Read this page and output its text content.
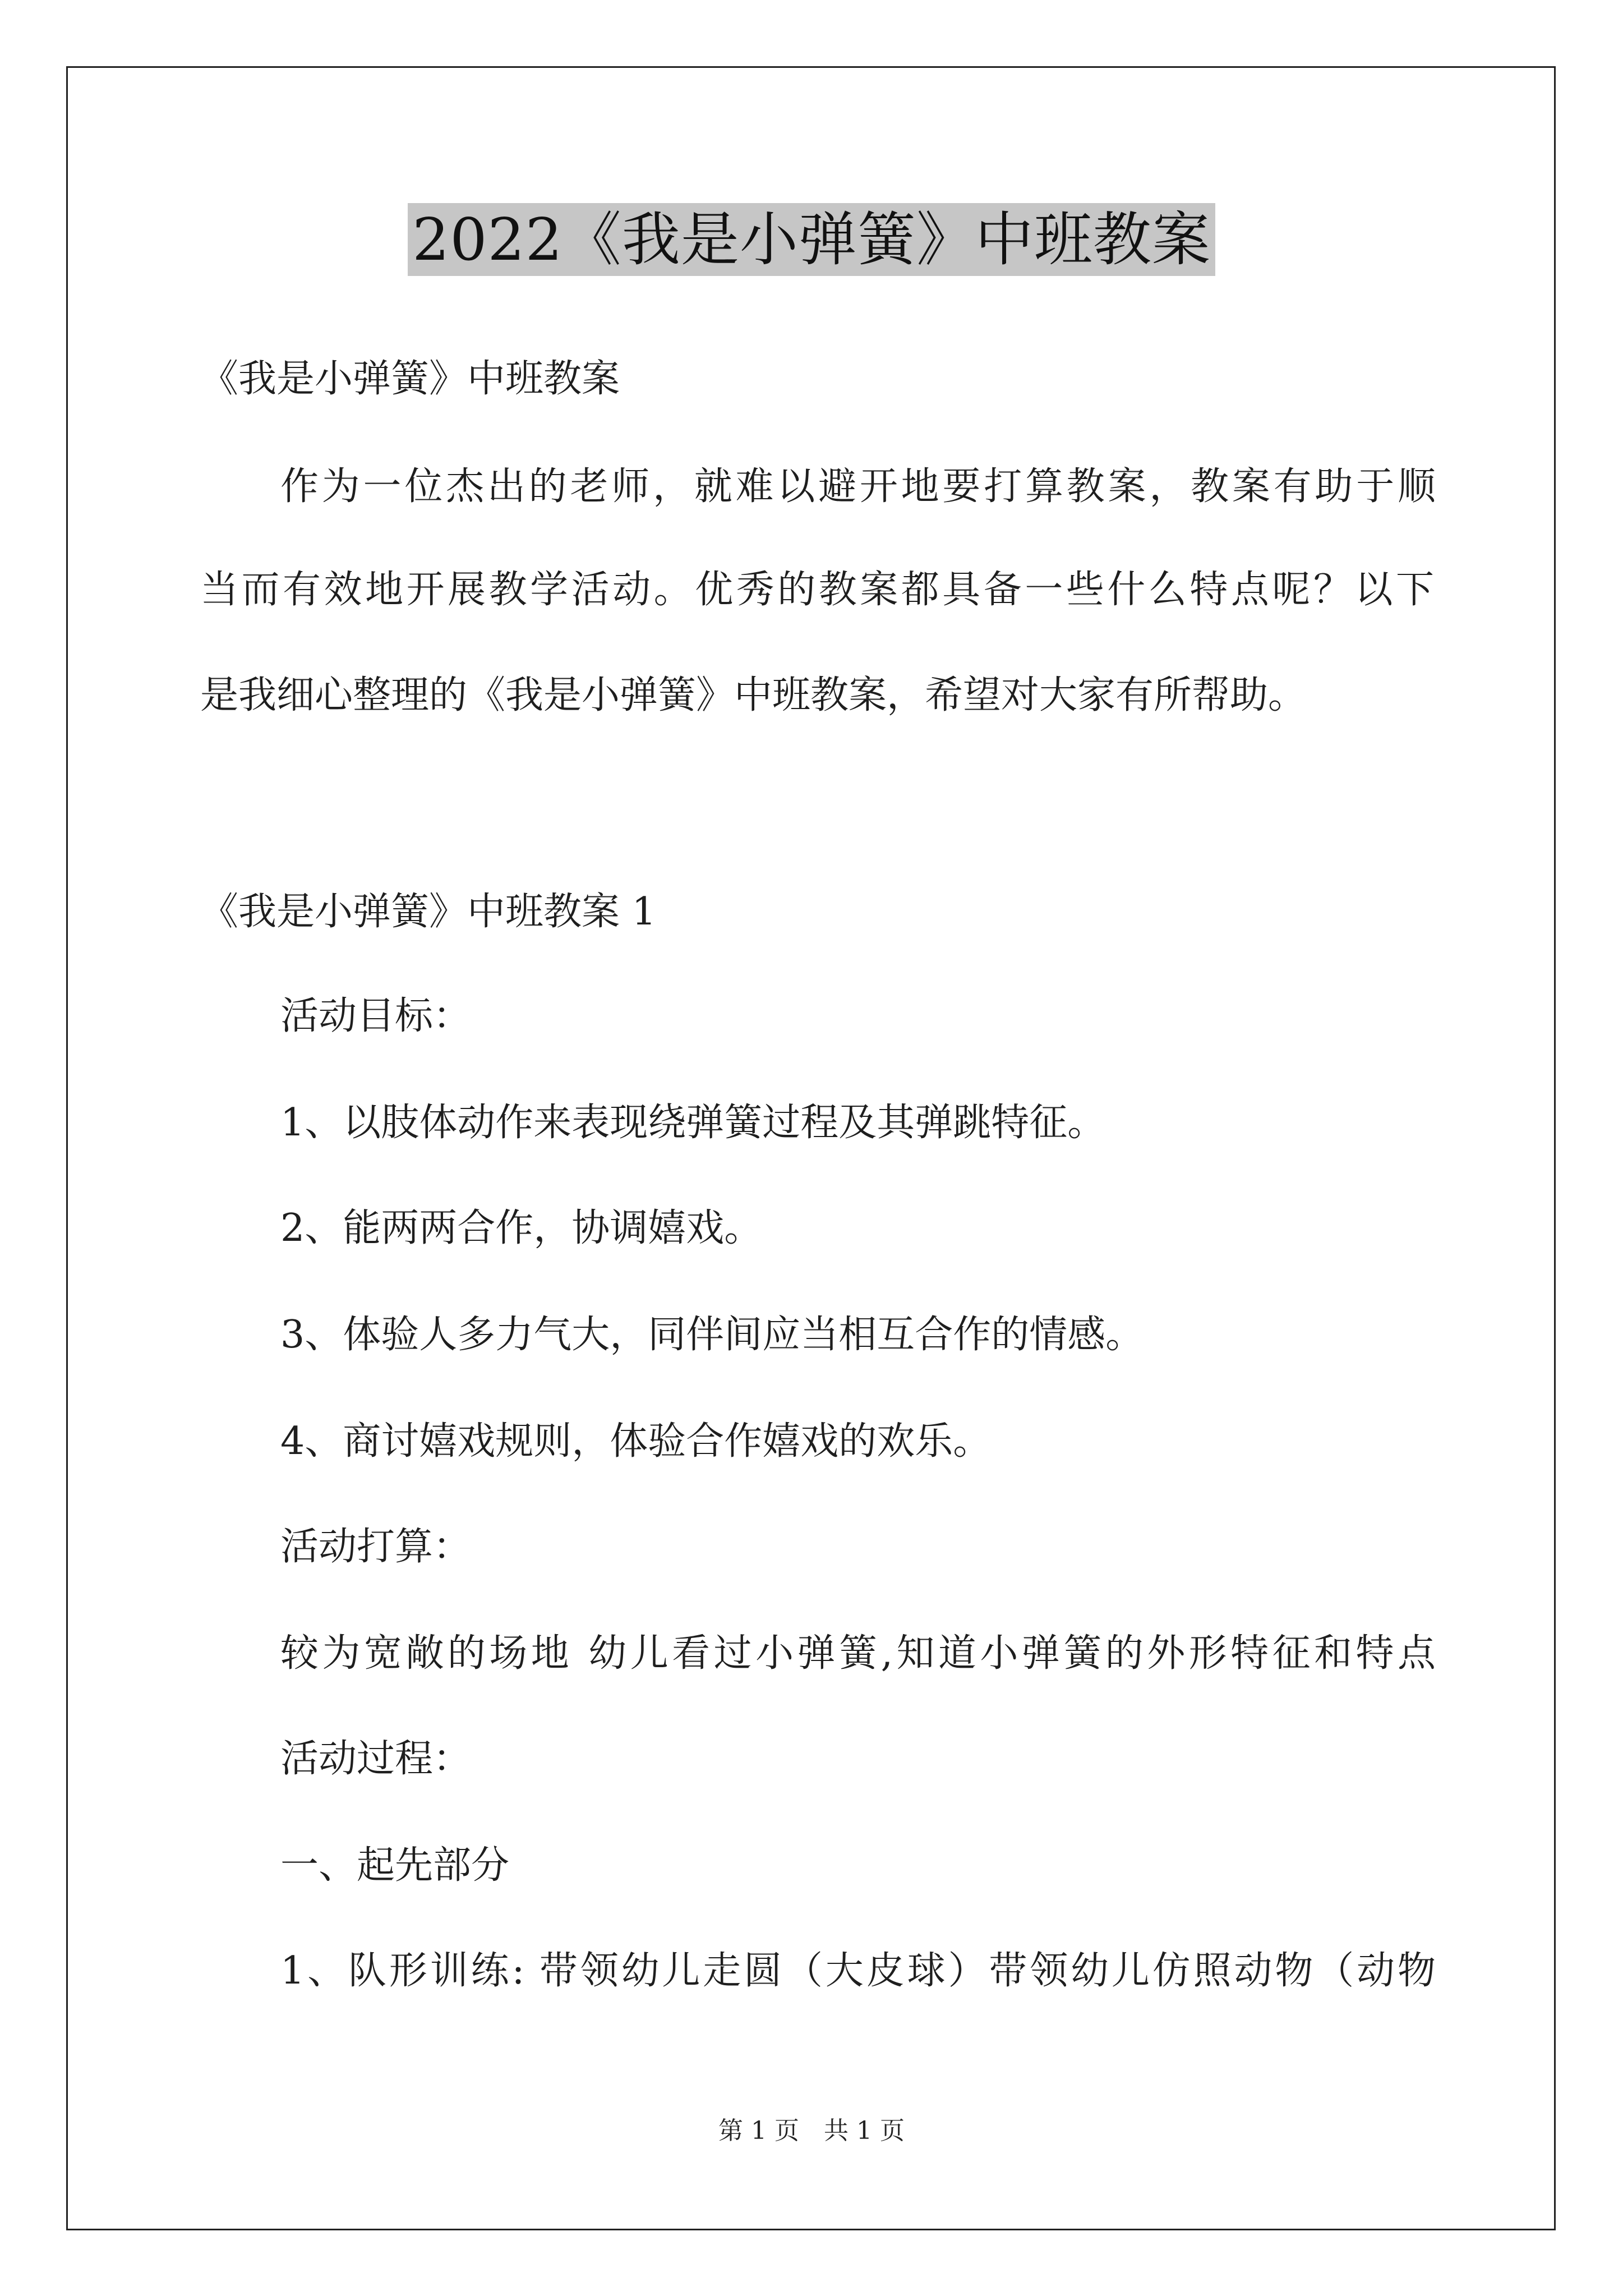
2022《我是小弹簧》中班教案
《我是小弹簧》中班教案
作为一位杰出的老师，就难以避开地要打算教案，教案有助于顺
当而有效地开展教学活动。优秀的教案都具备一些什么特点呢？以下
是我细心整理的《我是小弹簧》中班教案，希望对大家有所帮助。
《我是小弹簧》中班教案 1
活动目标：
1、以肢体动作来表现绕弹簧过程及其弹跳特征。
2、能两两合作，协调嬉戏。
3、体验人多力气大，同伴间应当相互合作的情感。
4、商讨嬉戏规则，体验合作嬉戏的欢乐。
活动打算：
较为宽敞的场地 幼儿看过小弹簧,知道小弹簧的外形特征和特点
活动过程：
一、起先部分
1、队形训练: 带领幼儿走圆（大皮球）带领幼儿仿照动物（动物
第 1 页　共 1 页
